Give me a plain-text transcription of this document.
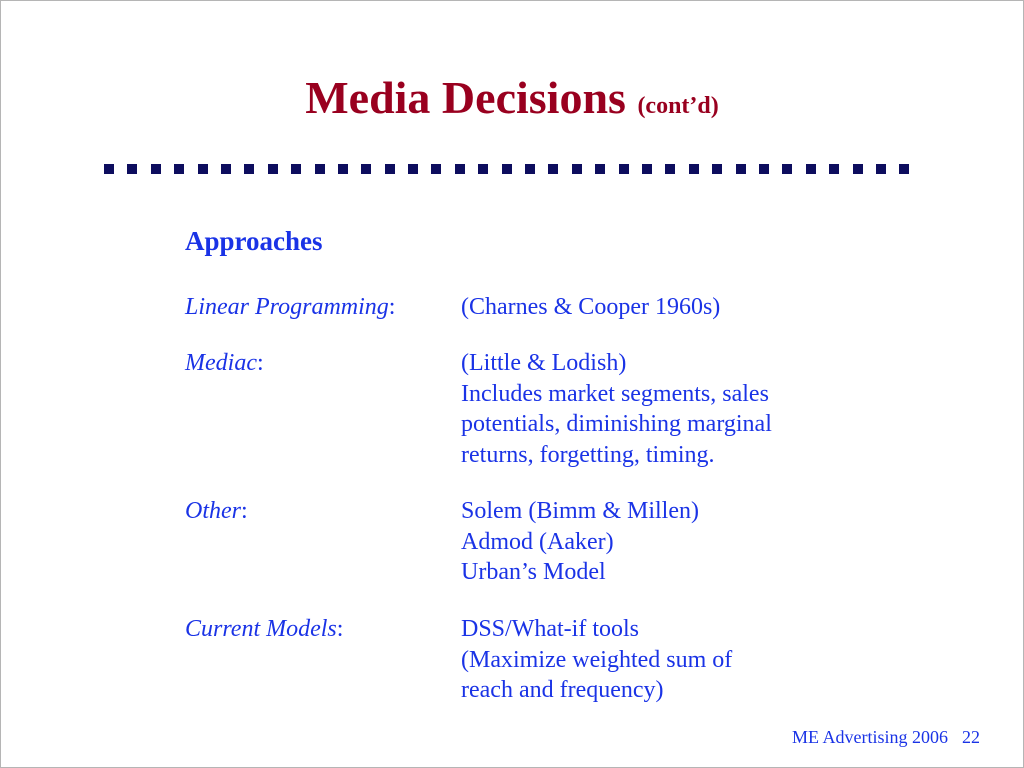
Media Decisions (cont’d)
Approaches
Linear Programming:	(Charnes & Cooper 1960s)
Mediac:	(Little & Lodish)
Includes market segments, sales
potentials, diminishing marginal
returns, forgetting, timing.
Other:	Solem (Bimm & Millen)
Admod (Aaker)
Urban’s Model
Current Models:	DSS/What-if tools
(Maximize weighted sum of
reach and frequency)
ME Advertising 2006 22
